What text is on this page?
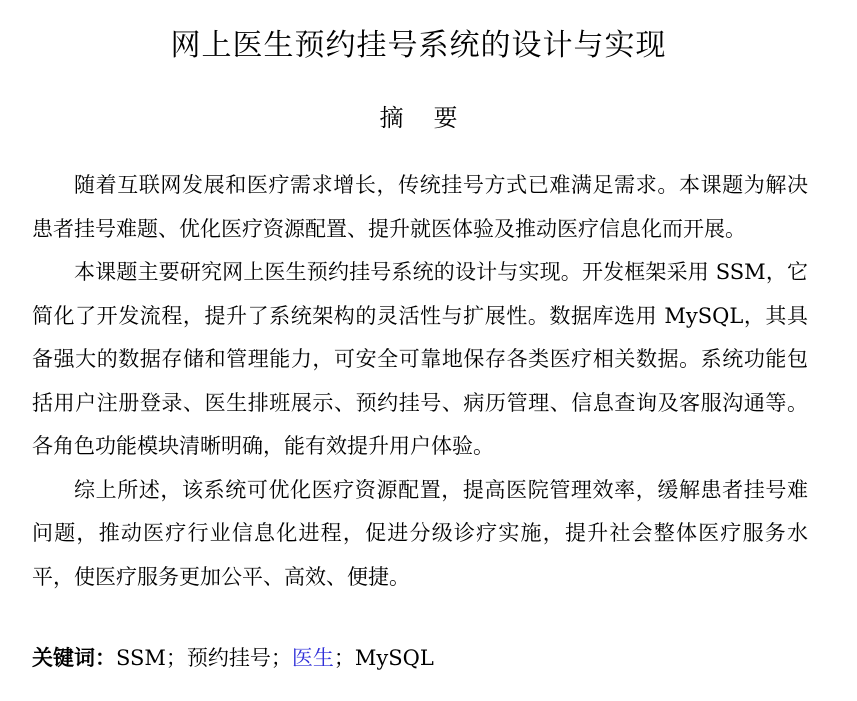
网上医生预约挂号系统的设计与实现
摘要

随着互联网发展和医疗需求增长，传统挂号方式已难满足需求。本课题为解决患者挂号难题、优化医疗资源配置、提升就医体验及推动医疗信息化而开展。

本课题主要研究网上医生预约挂号系统的设计与实现。开发框架采用 SSM，它简化了开发流程，提升了系统架构的灵活性与扩展性。数据库选用 MySQL，其具备强大的数据存储和管理能力，可安全可靠地保存各类医疗相关数据。系统功能包括用户注册登录、医生排班展示、预约挂号、病历管理、信息查询及客服沟通等。各角色功能模块清晰明确，能有效提升用户体验。

综上所述，该系统可优化医疗资源配置，提高医院管理效率，缓解患者挂号难问题，推动医疗行业信息化进程，促进分级诊疗实施，提升社会整体医疗服务水平，使医疗服务更加公平、高效、便捷。

关键词：SSM；预约挂号；医生；MySQL
